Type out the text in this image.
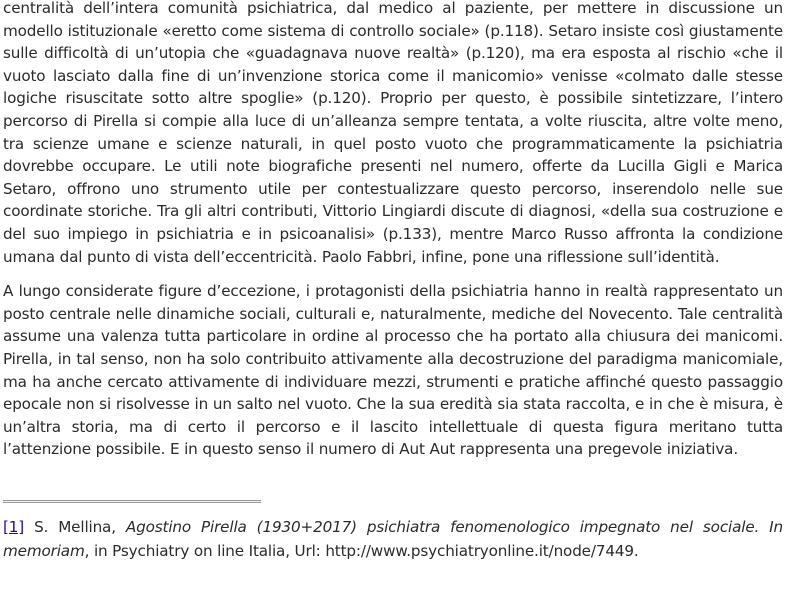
centralità dell’intera comunità psichiatrica, dal medico al paziente, per mettere in discussione un modello istituzionale «eretto come sistema di controllo sociale» (p.118). Setaro insiste così giustamente sulle difficoltà di un’utopia che «guadagnava nuove realtà» (p.120), ma era esposta al rischio «che il vuoto lasciato dalla fine di un’invenzione storica come il manicomio» venisse «colmato dalle stesse logiche risuscitate sotto altre spoglie» (p.120). Proprio per questo, è possibile sintetizzare, l’intero percorso di Pirella si compie alla luce di un’alleanza sempre tentata, a volte riuscita, altre volte meno, tra scienze umane e scienze naturali, in quel posto vuoto che programmaticamente la psichiatria dovrebbe occupare. Le utili note biografiche presenti nel numero, offerte da Lucilla Gigli e Marica Setaro, offrono uno strumento utile per contestualizzare questo percorso, inserendolo nelle sue coordinate storiche. Tra gli altri contributi, Vittorio Lingiardi discute di diagnosi, «della sua costruzione e del suo impiego in psichiatria e in psicoanalisi» (p.133), mentre Marco Russo affronta la condizione umana dal punto di vista dell’eccentricità. Paolo Fabbri, infine, pone una riflessione sull’identità.

A lungo considerate figure d’eccezione, i protagonisti della psichiatria hanno in realtà rappresentato un posto centrale nelle dinamiche sociali, culturali e, naturalmente, mediche del Novecento. Tale centralità assume una valenza tutta particolare in ordine al processo che ha portato alla chiusura dei manicomi. Pirella, in tal senso, non ha solo contribuito attivamente alla decostruzione del paradigma manicomiale, ma ha anche cercato attivamente di individuare mezzi, strumenti e pratiche affinché questo passaggio epocale non si risolvesse in un salto nel vuoto. Che la sua eredità sia stata raccolta, e in che è misura, è un’altra storia, ma di certo il percorso e il lascito intellettuale di questa figura meritano tutta l’attenzione possibile. E in questo senso il numero di Aut Aut rappresenta una pregevole iniziativa.

[1] S. Mellina, Agostino Pirella (1930+2017) psichiatra fenomenologico impegnato nel sociale. In memoriam, in Psychiatry on line Italia, Url: http://www.psychiatryonline.it/node/7449.
